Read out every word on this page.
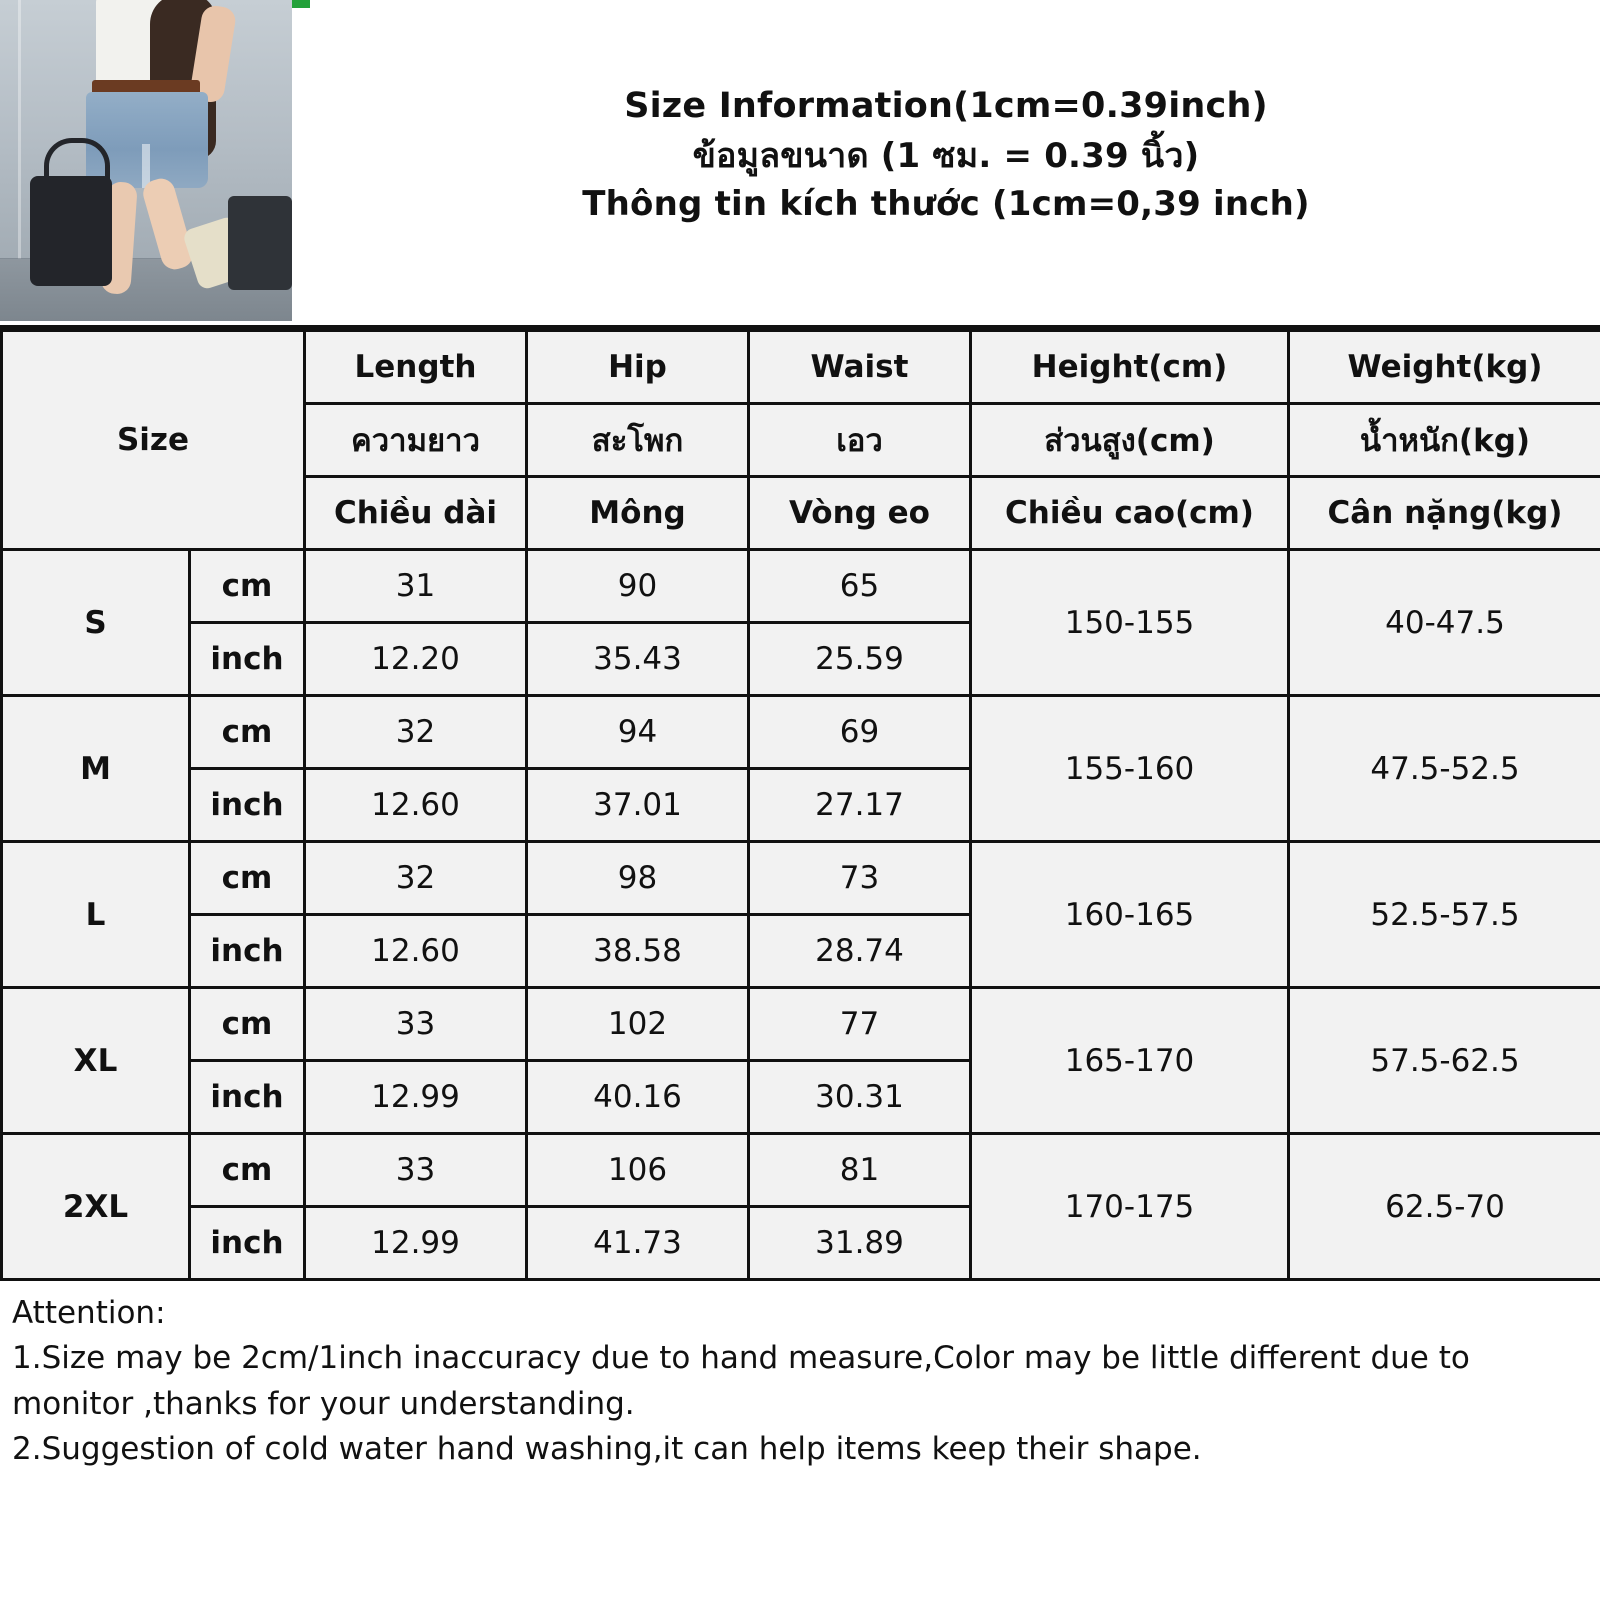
Size Information(1cm=0.39inch)
ข้อมูลขนาด (1 ซม. = 0.39 นิ้ว)
Thông tin kích thước (1cm=0,39 inch)
Size		Length	Hip	Waist	Height(cm)	Weight(kg)
		ความยาว	สะโพก	เอว	ส่วนสูง(cm)	น้ำหนัก(kg)
		Chiều dài	Mông	Vòng eo	Chiều cao(cm)	Cân nặng(kg)
S	cm	31	90	65	150-155	40-47.5
	inch	12.20	35.43	25.59		
M	cm	32	94	69	155-160	47.5-52.5
	inch	12.60	37.01	27.17		
L	cm	32	98	73	160-165	52.5-57.5
	inch	12.60	38.58	28.74		
XL	cm	33	102	77	165-170	57.5-62.5
	inch	12.99	40.16	30.31		
2XL	cm	33	106	81	170-175	62.5-70
	inch	12.99	41.73	31.89		
Attention:
1.Size may be 2cm/1inch inaccuracy due to hand measure,Color may be little different due to
monitor ,thanks for your understanding.
2.Suggestion of cold water hand washing,it can help items keep their shape.
